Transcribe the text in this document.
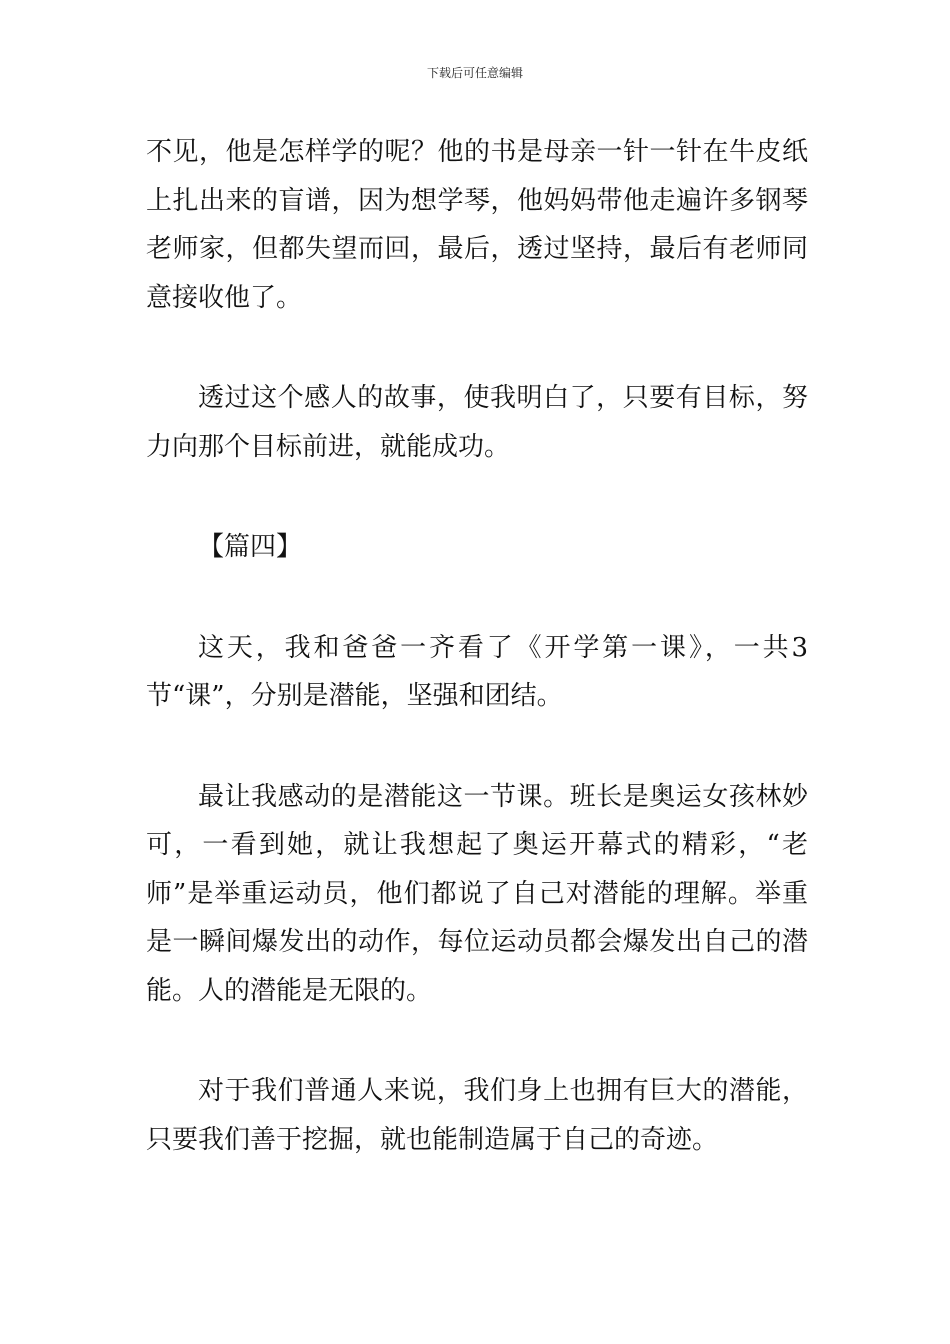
下载后可任意编辑

不见，他是怎样学的呢？他的书是母亲一针一针在牛皮纸上扎出来的盲谱，因为想学琴，他妈妈带他走遍许多钢琴老师家，但都失望而回，最后，透过坚持，最后有老师同意接收他了。

透过这个感人的故事，使我明白了，只要有目标，努力向那个目标前进，就能成功。

【篇四】

这天，我和爸爸一齐看了《开学第一课》，一共3节“课”，分别是潜能，坚强和团结。

最让我感动的是潜能这一节课。班长是奥运女孩林妙可，一看到她，就让我想起了奥运开幕式的精彩，“老师”是举重运动员，他们都说了自己对潜能的理解。举重是一瞬间爆发出的动作，每位运动员都会爆发出自己的潜能。人的潜能是无限的。

对于我们普通人来说，我们身上也拥有巨大的潜能，只要我们善于挖掘，就也能制造属于自己的奇迹。
